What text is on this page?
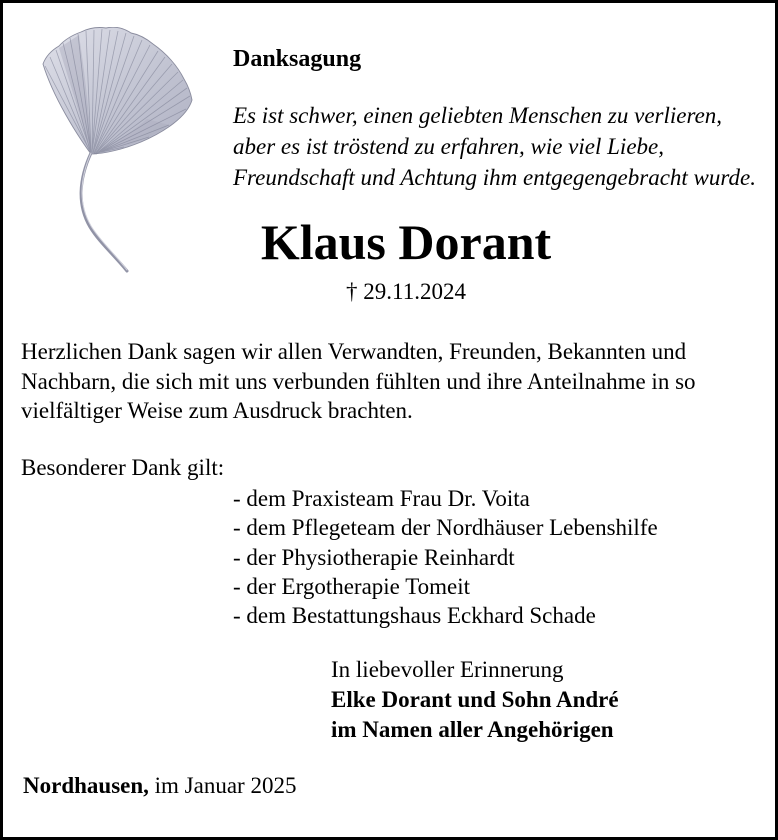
Danksagung
Es ist schwer, einen geliebten Menschen zu verlieren,
aber es ist tröstend zu erfahren, wie viel Liebe,
Freundschaft und Achtung ihm entgegengebracht wurde.
Klaus Dorant
† 29.11.2024
Herzlichen Dank sagen wir allen Verwandten, Freunden, Bekannten und
Nachbarn, die sich mit uns verbunden fühlten und ihre Anteilnahme in so
vielfältiger Weise zum Ausdruck brachten.
Besonderer Dank gilt:
- dem Praxisteam Frau Dr. Voita
- dem Pflegeteam der Nordhäuser Lebenshilfe
- der Physiotherapie Reinhardt
- der Ergotherapie Tomeit
- dem Bestattungshaus Eckhard Schade
In liebevoller Erinnerung
Elke Dorant und Sohn André
im Namen aller Angehörigen
Nordhausen, im Januar 2025
